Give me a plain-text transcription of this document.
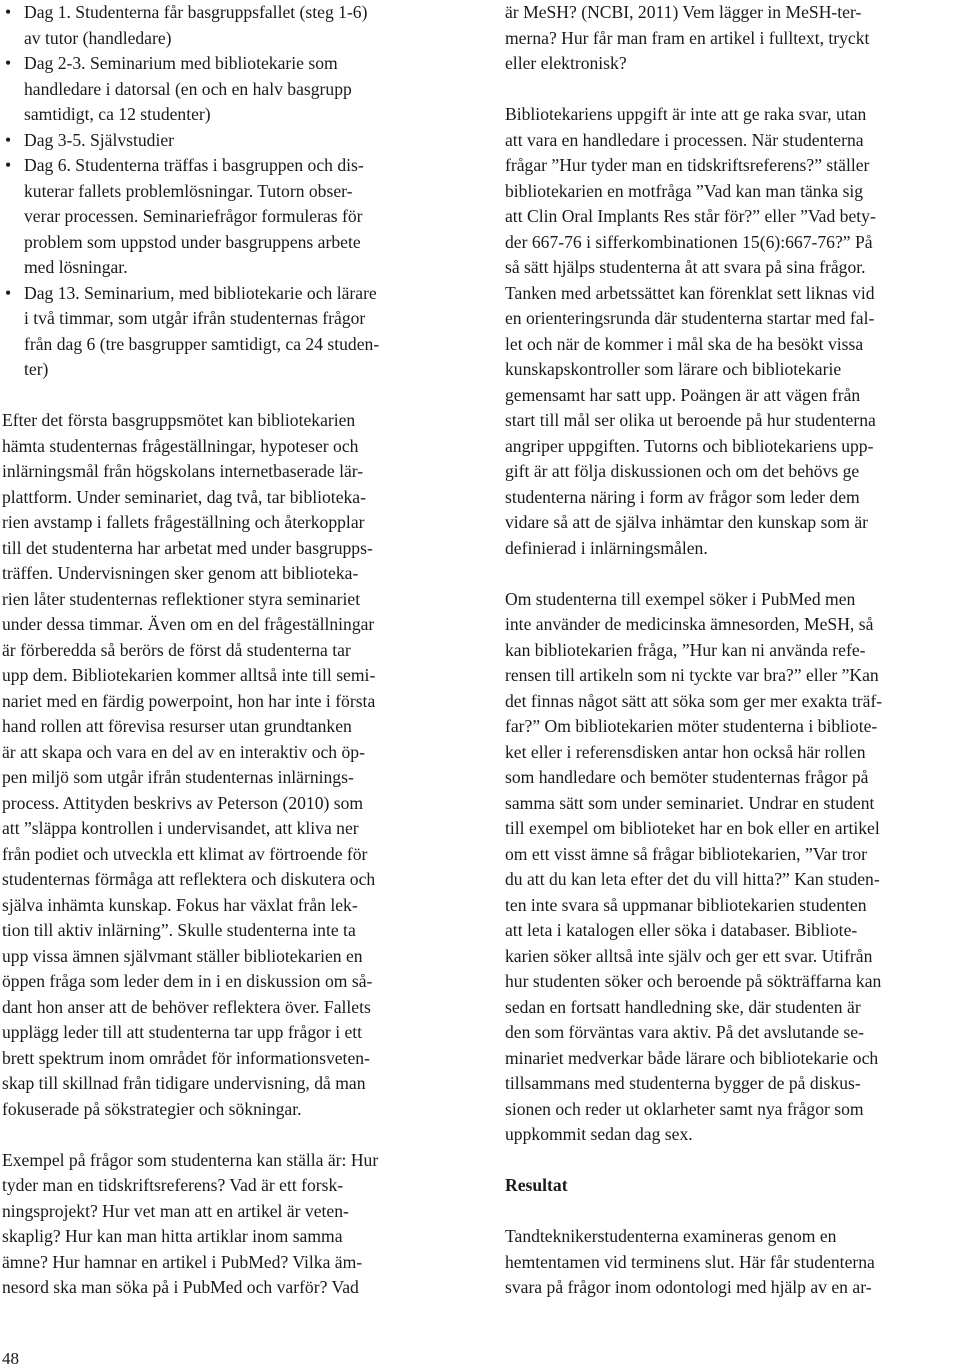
• Dag 1. Studenterna får basgruppsfallet (steg 1-6)
av tutor (handledare)
• Dag 2-3. Seminarium med bibliotekarie som
handledare i datorsal (en och en halv basgrupp
samtidigt, ca 12 studenter)
• Dag 3-5. Självstudier
• Dag 6. Studenterna träffas i basgruppen och dis-
kuterar fallets problemlösningar. Tutorn obser-
verar processen. Seminariefrågor formuleras för
problem som uppstod under basgruppens arbete
med lösningar.
• Dag 13. Seminarium, med bibliotekarie och lärare
i två timmar, som utgår ifrån studenternas frågor
från dag 6 (tre basgrupper samtidigt, ca 24 studen-
ter)
Efter det första basgruppsmötet kan bibliotekarien
hämta studenternas frågeställningar, hypoteser och
inlärningsmål från högskolans internetbaserade lär-
plattform. Under seminariet, dag två, tar biblioteka-
rien avstamp i fallets frågeställning och återkopplar
till det studenterna har arbetat med under basgrupps-
träffen. Undervisningen sker genom att biblioteka-
rien låter studenternas reflektioner styra seminariet
under dessa timmar. Även om en del frågeställningar
är förberedda så berörs de först då studenterna tar
upp dem. Bibliotekarien kommer alltså inte till semi-
nariet med en färdig powerpoint, hon har inte i första
hand rollen att förevisa resurser utan grundtanken
är att skapa och vara en del av en interaktiv och öp-
pen miljö som utgår ifrån studenternas inlärnings-
process. Attityden beskrivs av Peterson (2010) som
att ”släppa kontrollen i undervisandet, att kliva ner
från podiet och utveckla ett klimat av förtroende för
studenternas förmåga att reflektera och diskutera och
själva inhämta kunskap. Fokus har växlat från lek-
tion till aktiv inlärning”. Skulle studenterna inte ta
upp vissa ämnen självmant ställer bibliotekarien en
öppen fråga som leder dem in i en diskussion om så-
dant hon anser att de behöver reflektera över. Fallets
upplägg leder till att studenterna tar upp frågor i ett
brett spektrum inom området för informationsveten-
skap till skillnad från tidigare undervisning, då man
fokuserade på sökstrategier och sökningar.
Exempel på frågor som studenterna kan ställa är: Hur
tyder man en tidskriftsreferens? Vad är ett forsk-
ningsprojekt? Hur vet man att en artikel är veten-
skaplig? Hur kan man hitta artiklar inom samma
ämne? Hur hamnar en artikel i PubMed? Vilka äm-
nesord ska man söka på i PubMed och varför? Vad
är MeSH? (NCBI, 2011) Vem lägger in MeSH-ter-
merna? Hur får man fram en artikel i fulltext, tryckt
eller elektronisk?
Bibliotekariens uppgift är inte att ge raka svar, utan
att vara en handledare i processen. När studenterna
frågar ”Hur tyder man en tidskriftsreferens?” ställer
bibliotekarien en motfråga ”Vad kan man tänka sig
att Clin Oral Implants Res står för?” eller ”Vad bety-
der 667-76 i sifferkombinationen 15(6):667-76?” På
så sätt hjälps studenterna åt att svara på sina frågor.
Tanken med arbetssättet kan förenklat sett liknas vid
en orienteringsrunda där studenterna startar med fal-
let och när de kommer i mål ska de ha besökt vissa
kunskapskontroller som lärare och bibliotekarie
gemensamt har satt upp. Poängen är att vägen från
start till mål ser olika ut beroende på hur studenterna
angriper uppgiften. Tutorns och bibliotekariens upp-
gift är att följa diskussionen och om det behövs ge
studenterna näring i form av frågor som leder dem
vidare så att de själva inhämtar den kunskap som är
definierad i inlärningsmålen.
Om studenterna till exempel söker i PubMed men
inte använder de medicinska ämnesorden, MeSH, så
kan bibliotekarien fråga, ”Hur kan ni använda refe-
rensen till artikeln som ni tyckte var bra?” eller ”Kan
det finnas något sätt att söka som ger mer exakta träf-
far?” Om bibliotekarien möter studenterna i bibliote-
ket eller i referensdisken antar hon också här rollen
som handledare och bemöter studenternas frågor på
samma sätt som under seminariet. Undrar en student
till exempel om biblioteket har en bok eller en artikel
om ett visst ämne så frågar bibliotekarien, ”Var tror
du att du kan leta efter det du vill hitta?” Kan studen-
ten inte svara så uppmanar bibliotekarien studenten
att leta i katalogen eller söka i databaser. Bibliote-
karien söker alltså inte själv och ger ett svar. Utifrån
hur studenten söker och beroende på sökträffarna kan
sedan en fortsatt handledning ske, där studenten är
den som förväntas vara aktiv. På det avslutande se-
minariet medverkar både lärare och bibliotekarie och
tillsammans med studenterna bygger de på diskus-
sionen och reder ut oklarheter samt nya frågor som
uppkommit sedan dag sex.
Resultat
Tandteknikerstudenterna examineras genom en
hemtentamen vid terminens slut. Här får studenterna
svara på frågor inom odontologi med hjälp av en ar-
48
